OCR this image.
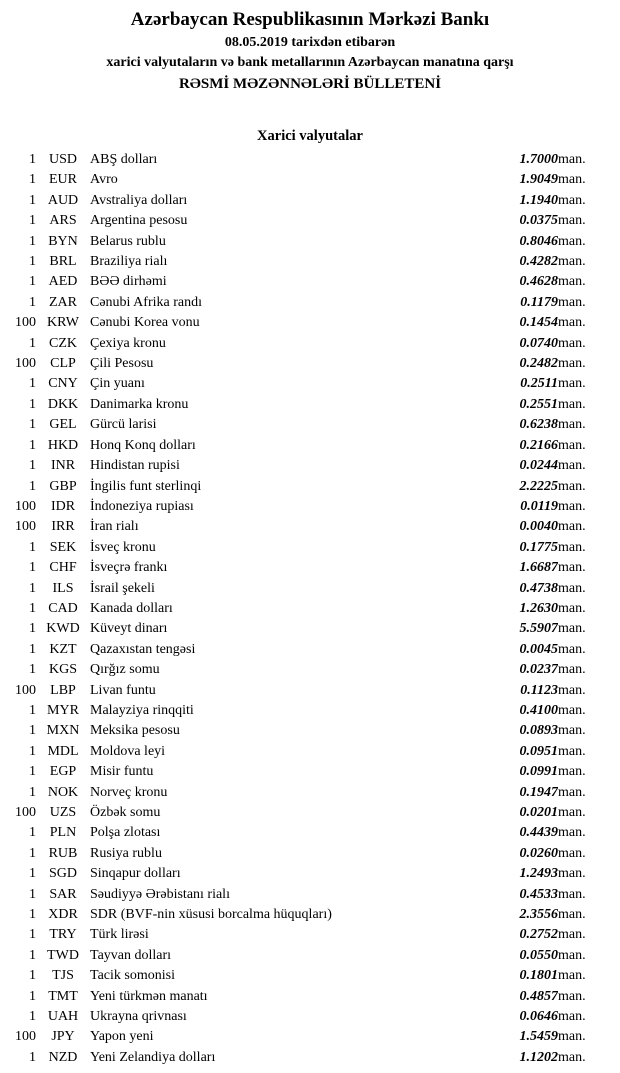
Azərbaycan Respublikasının Mərkəzi Bankı
08.05.2019 tarixdən etibarən
xarici valyutaların və bank metallarının Azərbaycan manatına qarşı
RƏSMİ MƏZƏNNƏLƏRİ BÜLLETENİ
Xarici valyutalar
1	USD	ABŞ dolları	1.7000	man.
1	EUR	Avro	1.9049	man.
1	AUD	Avstraliya dolları	1.1940	man.
1	ARS	Argentina pesosu	0.0375	man.
1	BYN	Belarus rublu	0.8046	man.
1	BRL	Braziliya rialı	0.4282	man.
1	AED	BƏƏ dirhəmi	0.4628	man.
1	ZAR	Cənubi Afrika randı	0.1179	man.
100	KRW	Cənubi Korea vonu	0.1454	man.
1	CZK	Çexiya kronu	0.0740	man.
100	CLP	Çili Pesosu	0.2482	man.
1	CNY	Çin yuanı	0.2511	man.
1	DKK	Danimarka kronu	0.2551	man.
1	GEL	Gürcü larisi	0.6238	man.
1	HKD	Honq Konq dolları	0.2166	man.
1	INR	Hindistan rupisi	0.0244	man.
1	GBP	İngilis funt sterlinqi	2.2225	man.
100	IDR	İndoneziya rupiası	0.0119	man.
100	IRR	İran rialı	0.0040	man.
1	SEK	İsveç kronu	0.1775	man.
1	CHF	İsveçrə frankı	1.6687	man.
1	ILS	İsrail şekeli	0.4738	man.
1	CAD	Kanada dolları	1.2630	man.
1	KWD	Küveyt dinarı	5.5907	man.
1	KZT	Qazaxıstan tengəsi	0.0045	man.
1	KGS	Qırğız somu	0.0237	man.
100	LBP	Livan funtu	0.1123	man.
1	MYR	Malayziya rinqqiti	0.4100	man.
1	MXN	Meksika pesosu	0.0893	man.
1	MDL	Moldova leyi	0.0951	man.
1	EGP	Misir funtu	0.0991	man.
1	NOK	Norveç kronu	0.1947	man.
100	UZS	Özbək somu	0.0201	man.
1	PLN	Polşa zlotası	0.4439	man.
1	RUB	Rusiya rublu	0.0260	man.
1	SGD	Sinqapur dolları	1.2493	man.
1	SAR	Səudiyyə Ərəbistanı rialı	0.4533	man.
1	XDR	SDR (BVF-nin xüsusi borcalma hüquqları)	2.3556	man.
1	TRY	Türk lirəsi	0.2752	man.
1	TWD	Tayvan dolları	0.0550	man.
1	TJS	Tacik somonisi	0.1801	man.
1	TMT	Yeni türkmən manatı	0.4857	man.
1	UAH	Ukrayna qrivnası	0.0646	man.
100	JPY	Yapon yeni	1.5459	man.
1	NZD	Yeni Zelandiya dolları	1.1202	man.
